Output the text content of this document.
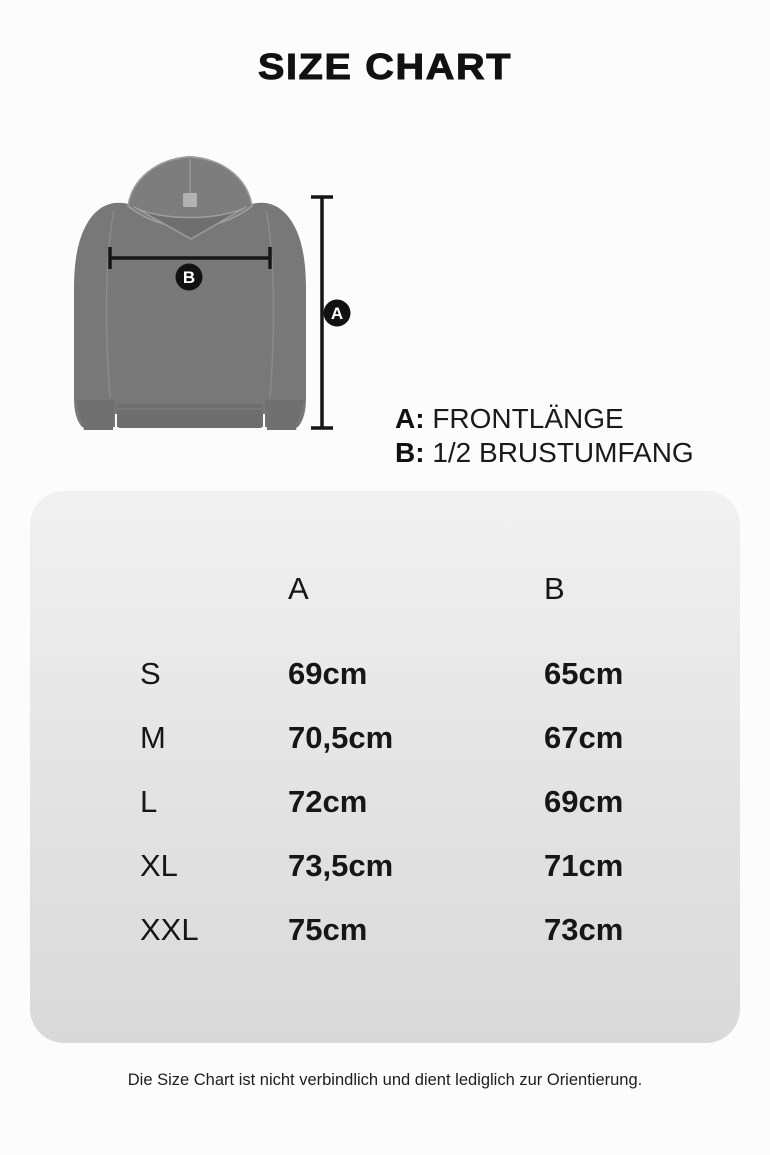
SIZE CHART
B
A
A: FRONTLÄNGE
B: 1/2 BRUSTUMFANG
A	B
S	69cm	65cm
M	70,5cm	67cm
L	72cm	69cm
XL	73,5cm	71cm
XXL	75cm	73cm
Die Size Chart ist nicht verbindlich und dient lediglich zur Orientierung.
